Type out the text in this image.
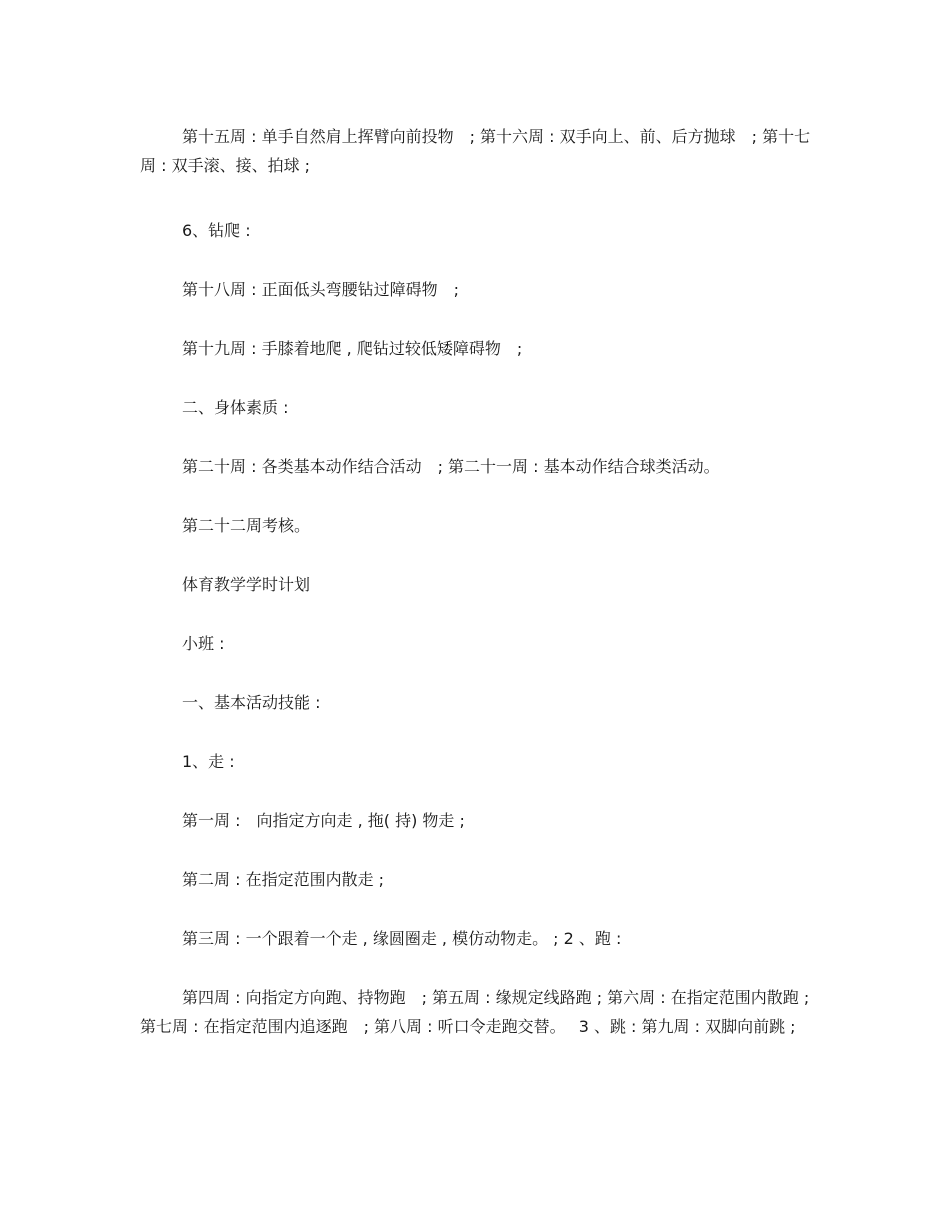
第十五周 : 单手自然肩上挥臂向前投物　; 第十六周 : 双手向上、前、后方抛球　; 第十七周 : 双手滚、接、拍球 ;

6、钻爬 :

第十八周 : 正面低头弯腰钻过障碍物　;

第十九周 : 手膝着地爬 , 爬钻过较低矮障碍物　;

二、身体素质 :

第二十周 : 各类基本动作结合活动　; 第二十一周 : 基本动作结合球类活动。

第二十二周考核。

体育教学学时计划

小班 :

一、基本活动技能 :

1、走 :

第一周 :　向指定方向走 , 拖( 持) 物走 ;

第二周 : 在指定范围内散走 ;

第三周 : 一个跟着一个走 , 缘圆圈走 , 模仿动物走。 ; 2 、跑 :

第四周 : 向指定方向跑、持物跑　; 第五周 : 缘规定线路跑 ; 第六周 : 在指定范围内散跑 ; 第七周 : 在指定范围内追逐跑　; 第八周 : 听口令走跑交替。　 3 、跳 : 第九周 : 双脚向前跳 ;
